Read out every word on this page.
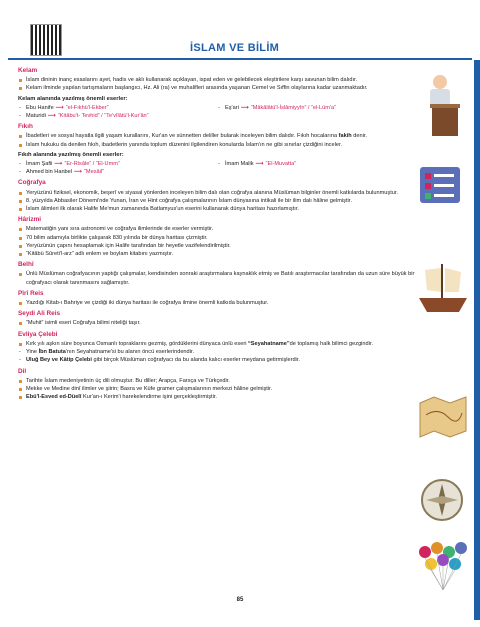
İSLAM VE BİLİM
Kelam

İslam dininin inanç esaslarını ayet, hadis ve aklı kullanarak açıklayan, ispat eden ve gelebilecek eleştirilere karşı savunan bilim dalıdır.

Kelam ilminde yapılan tartışmaların başlangıcı, Hz. Ali (ra) ve muhalifleri arasında yaşanan Cemel ve Sıffin olaylarına kadar uzanmaktadır.

Kelam alanında yazılmış önemli eserler:
- Ebu Hanife ⟶ “el-Fıkhü'l-Ekber”	- Eş'ari ⟶ “Mâkâlâtü'l-İslâmiyyîn” / “el-Lüm'a”
- Maturidi ⟶ “Kitâbu't- Tevhid” / “Te'vîlâtü'l-Kur'ân”
Fıkıh

İbadetleri ve sosyal hayatla ilgili yaşam kurallarını, Kur'an ve sünnetten deliller bularak inceleyen bilim dalıdır. Fıkıh hocalarına fakih denir.

İslam hukuku da denilen fıkıh, ibadetlerin yanında toplum düzenini ilgilendiren konularda İslam'ın ne gibi sınırlar çizdiğini inceler.

Fıkıh alanında yazılmış önemli eserler:
- İmam Şafii ⟶ “Er-Risâle” / “El-Umm”	- İmam Malik ⟶ “El-Muvatta”
- Ahmed bin Hanbel ⟶ “Mesâil”
Coğrafya

Yeryüzünü fiziksel, ekonomik, beşerî ve siyasal yönlerden inceleyen bilim dalı olan coğrafya alanına Müslüman bilginler önemli katkılarda bulunmuştur.

8. yüzyılda Abbasiler Dönemi'nde Yunan, İran ve Hint coğrafya çalışmalarının İslam dünyasına intikali ile bir ilim dalı hâline gelmiştir.

İslam âlimleri ilk olarak Halife Me'mun zamanında Batlamyus'un eserini kullanarak dünya haritası hazırlamıştır.

Hârizmi

Matematiğin yanı sıra astronomi ve coğrafya ilimlerinde de eserler vermiştir.

70 bilim adamıyla birlikte çalışarak 830 yılında bir dünya haritası çizmiştir.

Yeryüzünün çapını hesaplamak için Halife tarafından bir heyetle vazifelendirilmiştir.

“Kitâbü Sûreti'l-arz” adlı enlem ve boylam kitabını yazmıştır.

Belhî

Ünlü Müslüman coğrafyacının yaptığı çalışmalar, kendisinden sonraki araştırmalara kaynaklık etmiş ve Batılı araştırmacılar tarafından da uzun süre büyük bir coğrafyacı olarak tanınmasını sağlamıştır.

Pîrî Reis

Yazdığı Kitab-ı Bahriye ve çizdiği iki dünya haritası ile coğrafya ilmine önemli katkıda bulunmuştur.

Seydi Ali Reis

“Muhit” isimli eseri Coğrafya bilimi niteliği taşır.

Evliya Çelebi

Kırk yılı aşkın süre boyunca Osmanlı topraklarını gezmiş, gördüklerini dünyaca ünlü eseri “Seyahatname”de toplamış halk bilimci gezgindir.

- Yine İbn Batuta'nın Seyahatname'si bu alanın öncü eserlerindendir.

- Uluğ Bey ve Kâtip Çelebi gibi birçok Müslüman coğrafyacı da bu alanda kalıcı eserler meydana getirmişlerdir.

Dil

Tarihte İslam medeniyetinin üç dili olmuştur. Bu diller; Arapça, Farsça ve Türkçedir.

Mekke ve Medine dinî ilimler ve şiirin; Basra ve Küfe gramer çalışmalarının merkezi hâline gelmiştir.

Ebü'l-Esved ed-Düelî Kur'an-ı Kerim'i harekelendirme işini gerçekleştirmiştir.

85
